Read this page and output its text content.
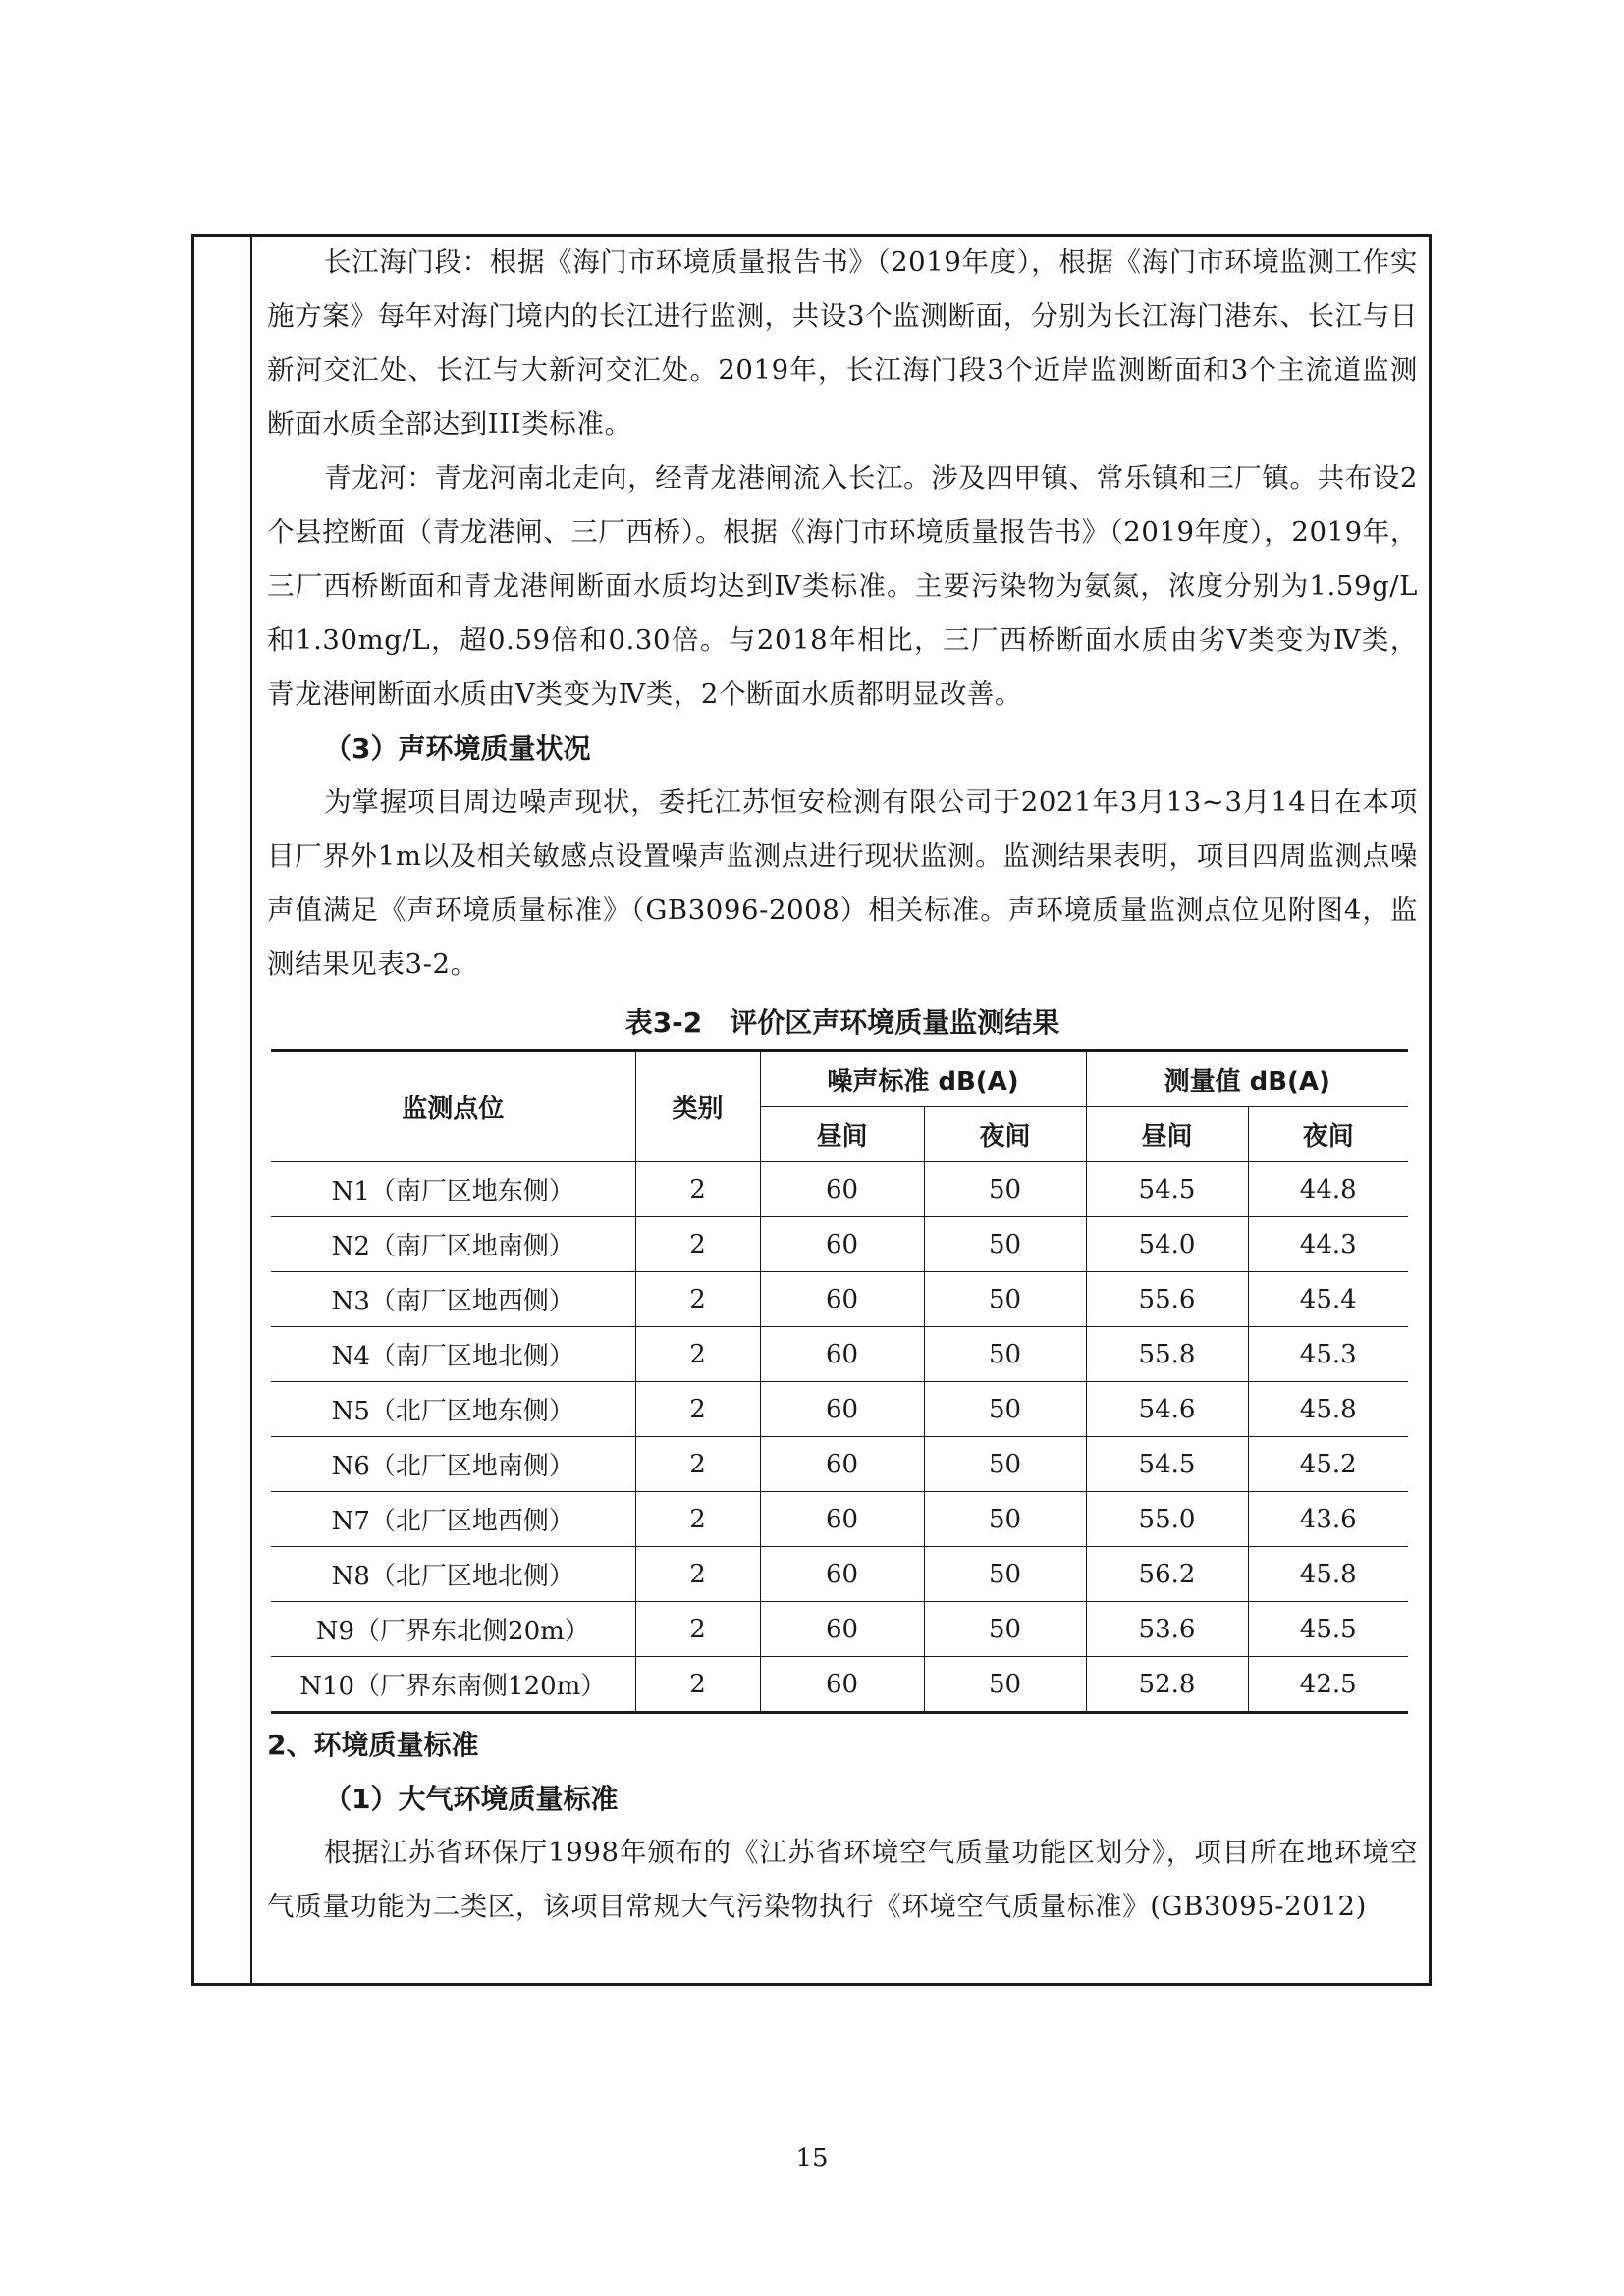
长江海门段：根据《海门市环境质量报告书》（2019年度），根据《海门市环境监测工作实施方案》每年对海门境内的长江进行监测，共设3个监测断面，分别为长江海门港东、长江与日新河交汇处、长江与大新河交汇处。2019年，长江海门段3个近岸监测断面和3个主流道监测断面水质全部达到III类标准。

青龙河：青龙河南北走向，经青龙港闸流入长江。涉及四甲镇、常乐镇和三厂镇。共布设2个县控断面（青龙港闸、三厂西桥）。根据《海门市环境质量报告书》（2019年度），2019年，三厂西桥断面和青龙港闸断面水质均达到Ⅳ类标准。主要污染物为氨氮，浓度分别为1.59g/L和1.30mg/L，超0.59倍和0.30倍。与2018年相比，三厂西桥断面水质由劣Ⅴ类变为Ⅳ类，青龙港闸断面水质由Ⅴ类变为Ⅳ类，2个断面水质都明显改善。

（3）声环境质量状况

为掌握项目周边噪声现状，委托江苏恒安检测有限公司于2021年3月13~3月14日在本项目厂界外1m以及相关敏感点设置噪声监测点进行现状监测。监测结果表明，项目四周监测点噪声值满足《声环境质量标准》（GB3096-2008）相关标准。声环境质量监测点位见附图4，监测结果见表3-2。

表3-2　评价区声环境质量监测结果

监测点位	类别	噪声标准 dB(A)		测量值 dB(A)	
		昼间	夜间	昼间	夜间
N1（南厂区地东侧）	2	60	50	54.5	44.8
N2（南厂区地南侧）	2	60	50	54.0	44.3
N3（南厂区地西侧）	2	60	50	55.6	45.4
N4（南厂区地北侧）	2	60	50	55.8	45.3
N5（北厂区地东侧）	2	60	50	54.6	45.8
N6（北厂区地南侧）	2	60	50	54.5	45.2
N7（北厂区地西侧）	2	60	50	55.0	43.6
N8（北厂区地北侧）	2	60	50	56.2	45.8
N9（厂界东北侧20m）	2	60	50	53.6	45.5
N10（厂界东南侧120m）	2	60	50	52.8	42.5

2、环境质量标准

（1）大气环境质量标准

根据江苏省环保厅1998年颁布的《江苏省环境空气质量功能区划分》，项目所在地环境空气质量功能为二类区，该项目常规大气污染物执行《环境空气质量标准》(GB3095-2012)

15
